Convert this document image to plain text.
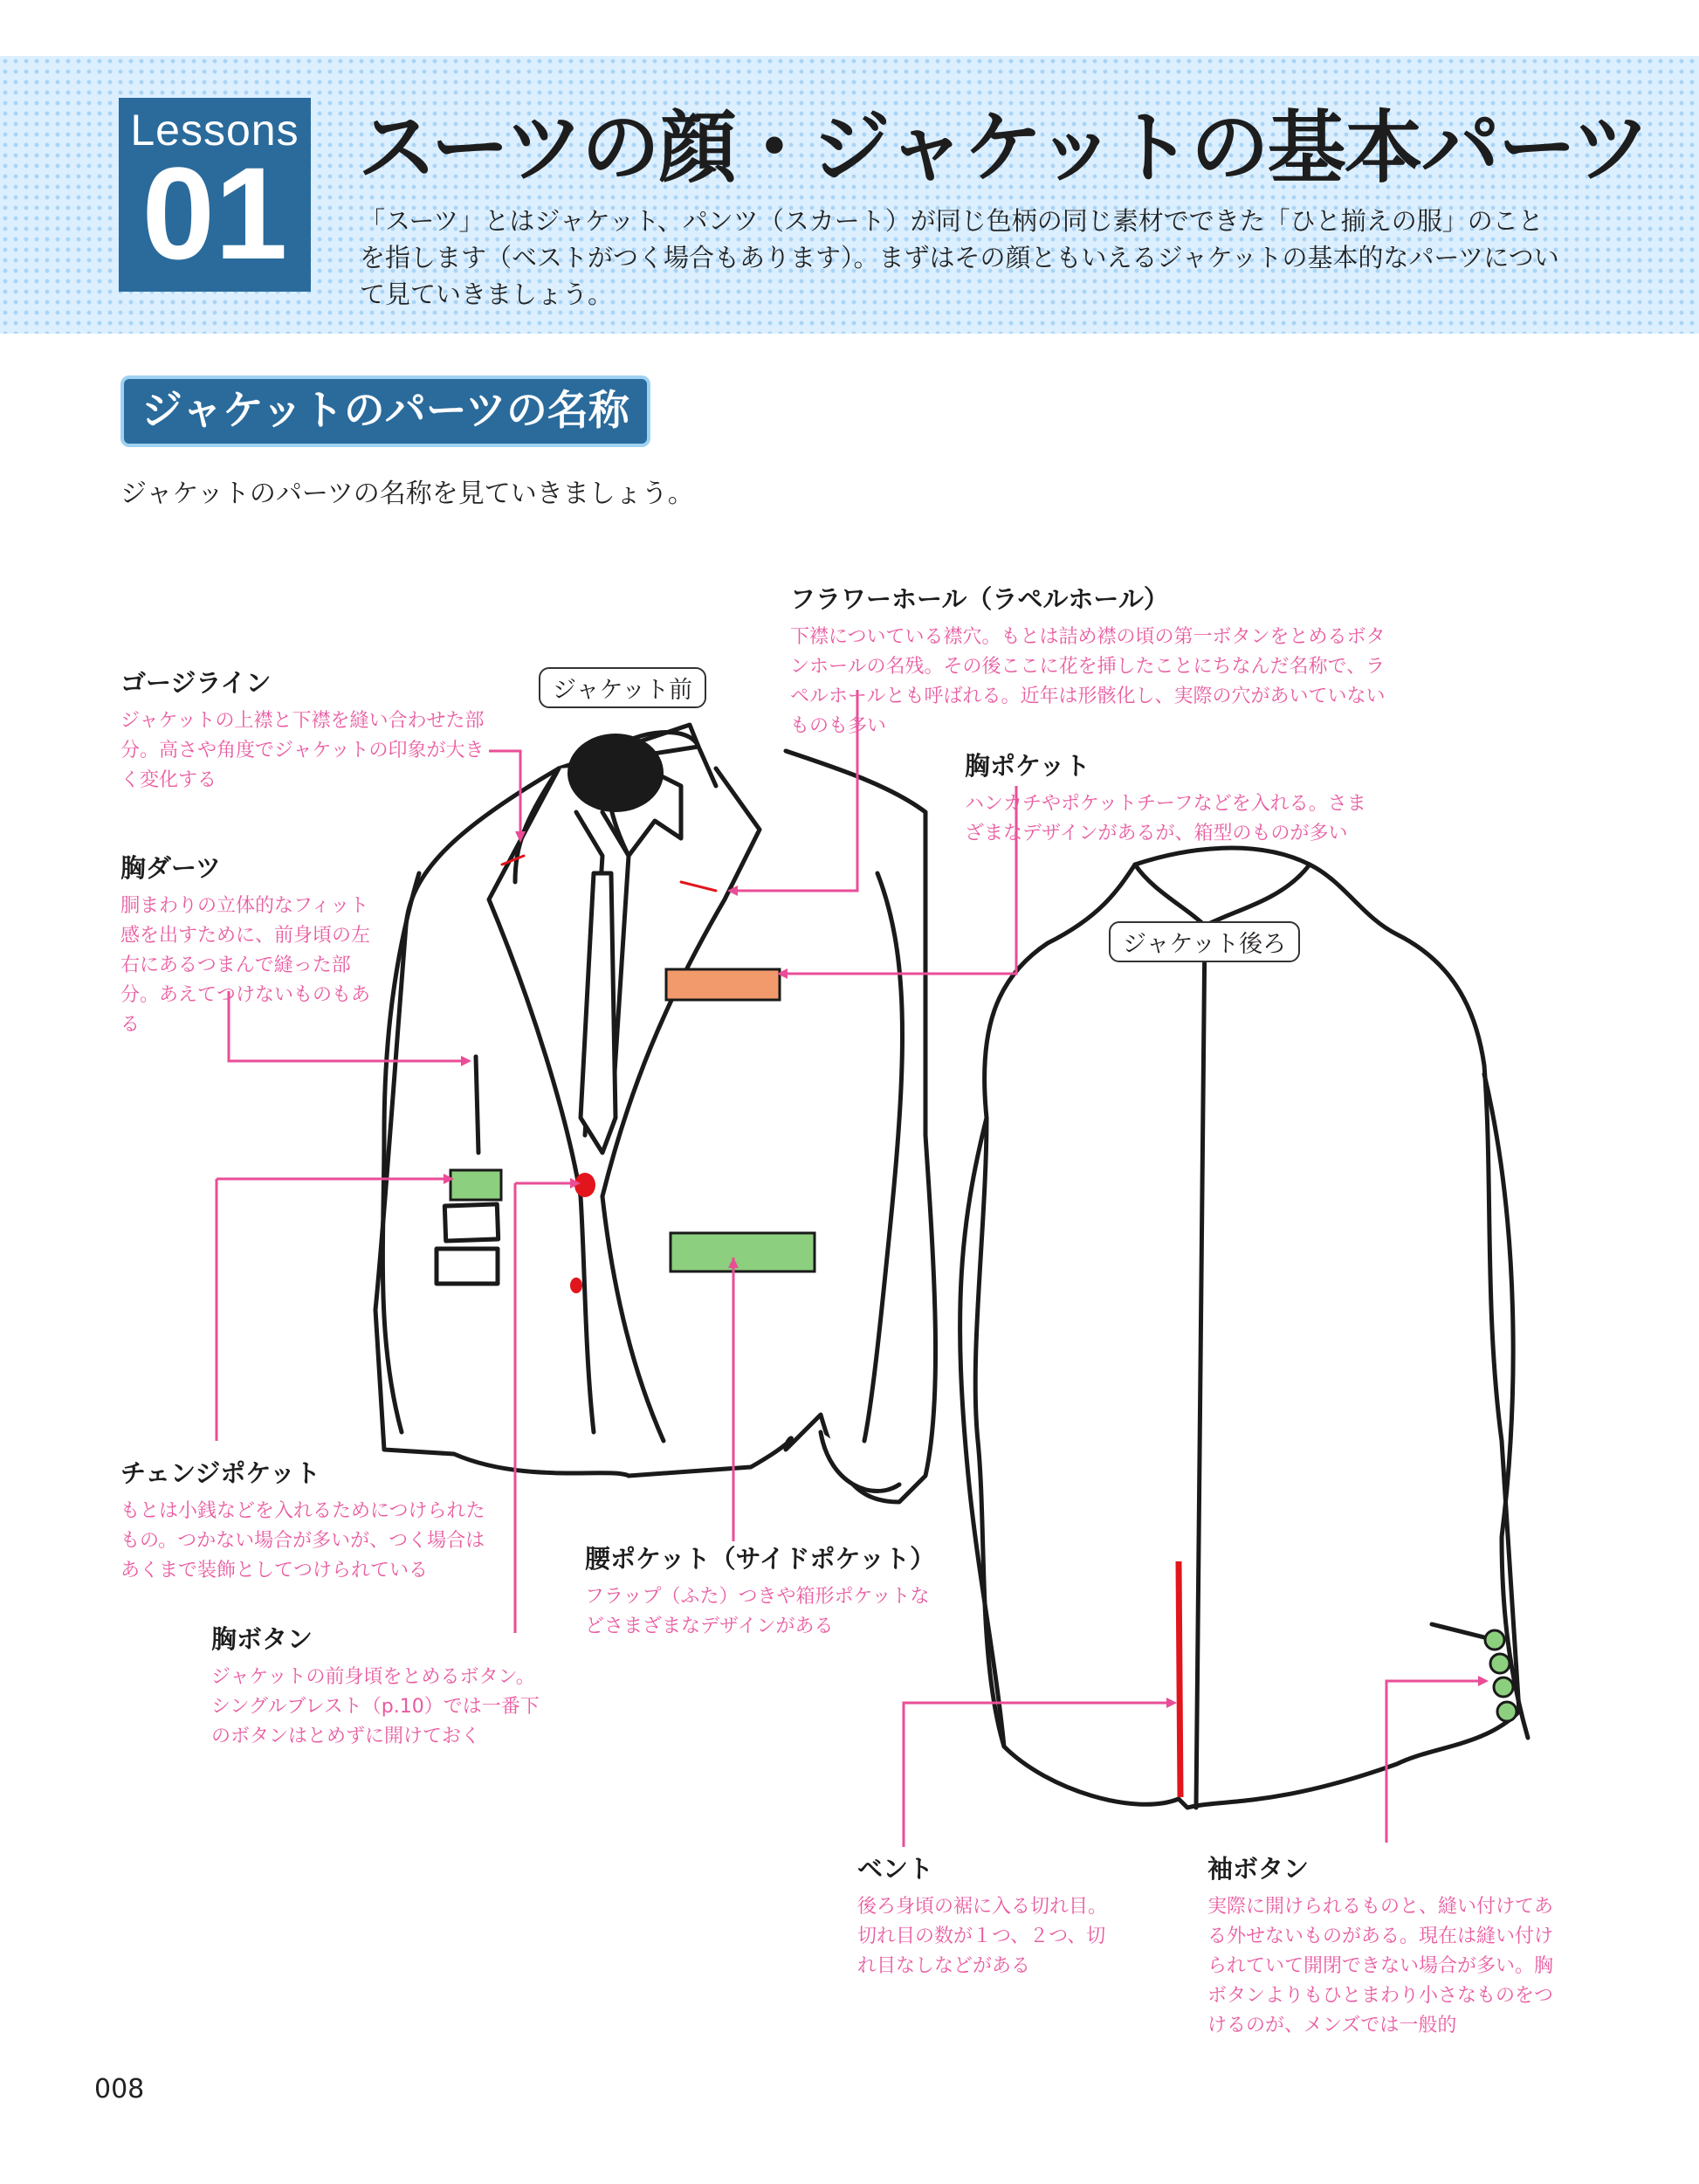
Lessons
01 スーツの顔・ジャケットの基本パーツ
「スーツ」とはジャケット、パンツ（スカート）が同じ色柄の同じ素材でできた「ひと揃えの服」のことを指します（ベストがつく場合もあります）。まずはその顔ともいえるジャケットの基本的なパーツについて見ていきましょう。
ジャケットのパーツの名称
ジャケットのパーツの名称を見ていきましょう。
ジャケット前
ジャケット後ろ
ゴージライン
ジャケットの上襟と下襟を縫い合わせた部分。高さや角度でジャケットの印象が大きく変化する
胸ダーツ
胴まわりの立体的なフィット感を出すために、前身頃の左右にあるつまんで縫った部分。あえてつけないものもある
フラワーホール（ラペルホール）
下襟についている襟穴。もとは詰め襟の頃の第一ボタンをとめるボタンホールの名残。その後ここに花を挿したことにちなんだ名称で、ラペルホールとも呼ばれる。近年は形骸化し、実際の穴があいていないものも多い
胸ポケット
ハンカチやポケットチーフなどを入れる。さまざまなデザインがあるが、箱型のものが多い
チェンジポケット
もとは小銭などを入れるためにつけられたもの。つかない場合が多いが、つく場合はあくまで装飾としてつけられている
胸ボタン
ジャケットの前身頃をとめるボタン。シングルブレスト（p.10）では一番下のボタンはとめずに開けておく
腰ポケット（サイドポケット）
フラップ（ふた）つきや箱形ポケットなどさまざまなデザインがある
ベント
後ろ身頃の裾に入る切れ目。切れ目の数が１つ、２つ、切れ目なしなどがある
袖ボタン
実際に開けられるものと、縫い付けてある外せないものがある。現在は縫い付けられていて開閉できない場合が多い。胸ボタンよりもひとまわり小さなものをつけるのが、メンズでは一般的
008
